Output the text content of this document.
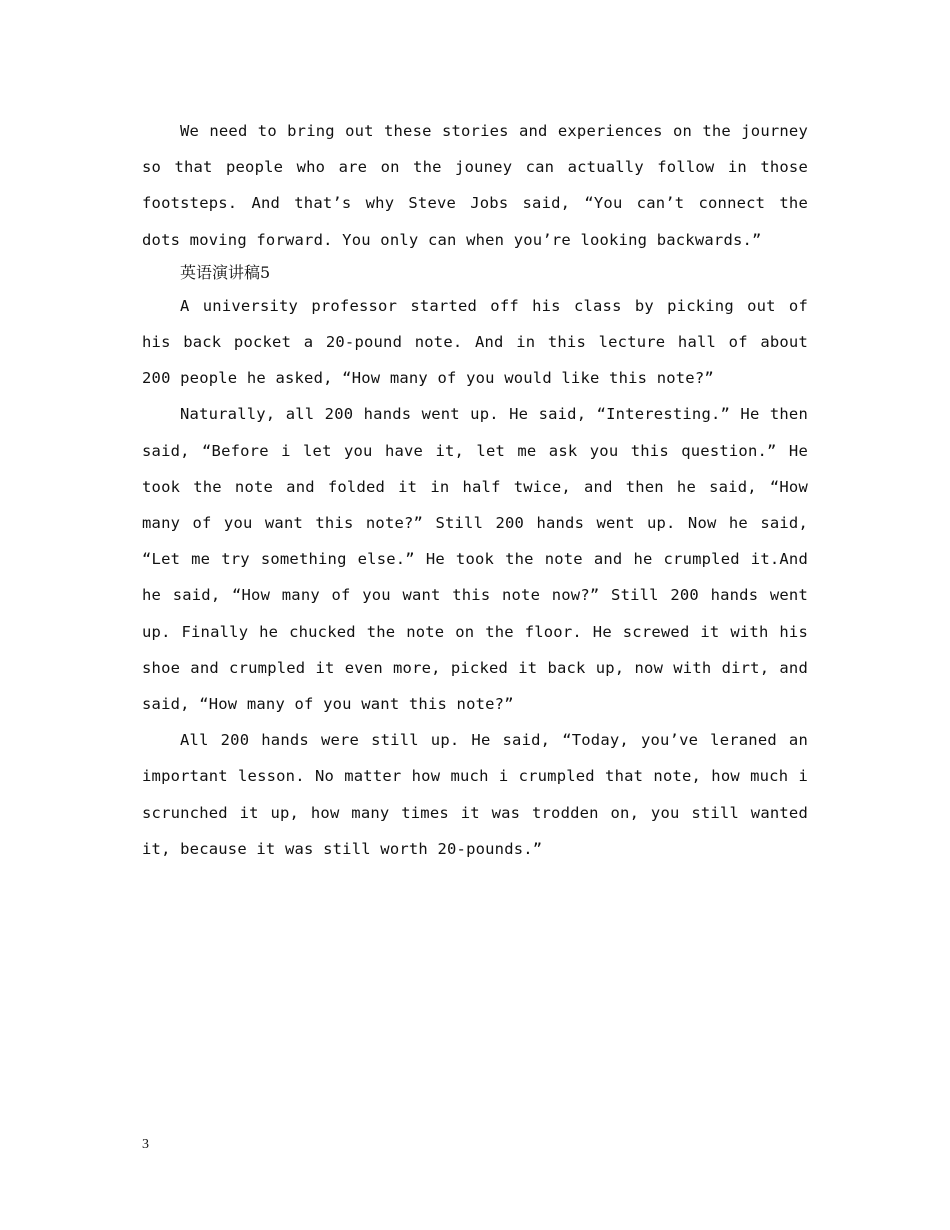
We need to bring out these stories and experiences on the journey so that people who are on the jouney can actually follow in those footsteps. And that’s why Steve Jobs said, “You can’t connect the dots moving forward. You only can when you’re looking backwards.”

英语演讲稿5

A university professor started off his class by picking out of his back pocket a 20-pound note. And in this lecture hall of about 200 people he asked, “How many of you would like this note?”

Naturally, all 200 hands went up. He said, “Interesting.” He then said, “Before i let you have it, let me ask you this question.” He took the note and folded it in half twice, and then he said, “How many of you want this note?” Still 200 hands went up. Now he said, “Let me try something else.” He took the note and he crumpled it.And he said, “How many of you want this note now?” Still 200 hands went up. Finally he chucked the note on the floor. He screwed it with his shoe and crumpled it even more, picked it back up, now with dirt, and said, “How many of you want this note?”

All 200 hands were still up. He said, “Today, you’ve leraned an important lesson. No matter how much i crumpled that note, how much i scrunched it up, how many times it was trodden on, you still wanted it, because it was still worth 20-pounds.”

3
